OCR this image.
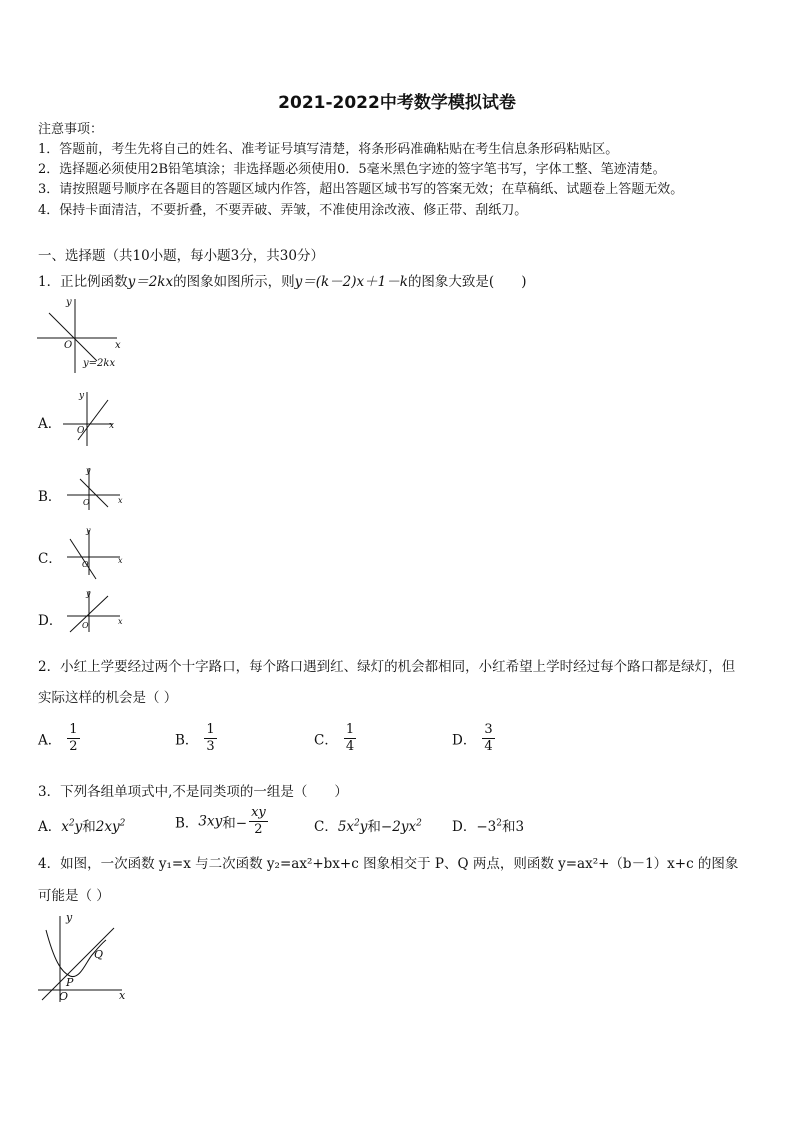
2021-2022中考数学模拟试卷
注意事项：
1．答题前，考生先将自己的姓名、准考证号填写清楚，将条形码准确粘贴在考生信息条形码粘贴区。
2．选择题必须使用2B铅笔填涂；非选择题必须使用0．5毫米黑色字迹的签字笔书写，字体工整、笔迹清楚。
3．请按照题号顺序在各题目的答题区域内作答，超出答题区域书写的答案无效；在草稿纸、试题卷上答题无效。
4．保持卡面清洁，不要折叠，不要弄破、弄皱，不准使用涂改液、修正带、刮纸刀。
一、选择题（共10小题，每小题3分，共30分）
1．正比例函数y＝2kx的图象如图所示，则y＝(k－2)x＋1－k的图象大致是(　　)
y
x
O
y=2kx
A．
y
x
O
B．
y
x
O
C．
y
x
O
D．
y
x
O
2．小红上学要经过两个十字路口，每个路口遇到红、绿灯的机会都相同，小红希望上学时经过每个路口都是绿灯，但
实际这样的机会是（ ）
A． $\frac{1}{2}$	B． $\frac{1}{3}$	C． $\frac{1}{4}$	D． $\frac{3}{4}$
3．下列各组单项式中,不是同类项的一组是（　　）
A．$x^2y$和$2xy^2$	B．3xy和− $\frac{xy}{2}$	C．$5x^2y$和$-2yx^2$ D．$-3^2$和3
4．如图，一次函数 y₁=x 与二次函数 y₂=ax²+bx+c 图象相交于 P、Q 两点，则函数 y=ax²+（b－1）x+c 的图象
可能是（ ）
y
x
O
P
Q
